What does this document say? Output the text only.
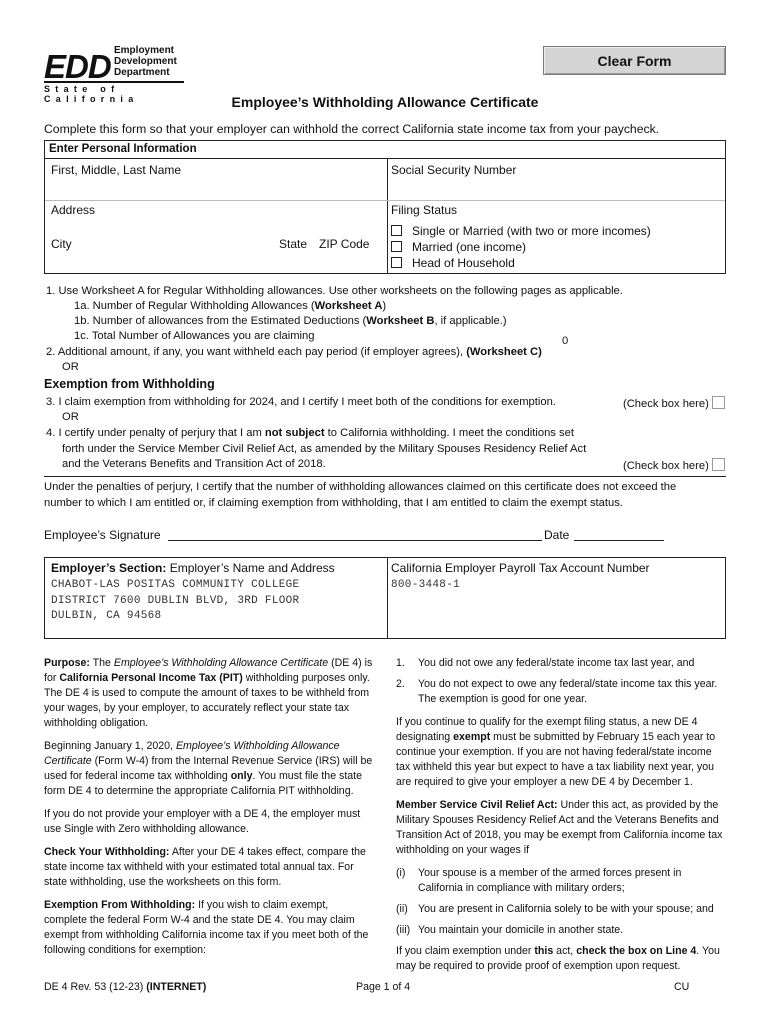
EDD Employment
Development
Department
State of California
Clear Form
Employee’s Withholding Allowance Certificate
Complete this form so that your employer can withhold the correct California state income tax from your paycheck.
Enter Personal Information
First, Middle, Last Name	Social Security Number
Address	Filing Status
City	State ZIP Code
Single or Married (with two or more incomes)
Married (one income)
Head of Household
1. Use Worksheet A for Regular Withholding allowances. Use other worksheets on the following pages as applicable.
1a. Number of Regular Withholding Allowances (Worksheet A)
1b. Number of allowances from the Estimated Deductions (Worksheet B, if applicable.)
1c. Total Number of Allowances you are claiming	0
2. Additional amount, if any, you want withheld each pay period (if employer agrees), (Worksheet C)
OR
Exemption from Withholding
3. I claim exemption from withholding for 2024, and I certify I meet both of the conditions for exemption.	(Check box here)
OR
4. I certify under penalty of perjury that I am not subject to California withholding. I meet the conditions set
forth under the Service Member Civil Relief Act, as amended by the Military Spouses Residency Relief Act
and the Veterans Benefits and Transition Act of 2018.	(Check box here)
Under the penalties of perjury, I certify that the number of withholding allowances claimed on this certificate does not exceed the
number to which I am entitled or, if claiming exemption from withholding, that I am entitled to claim the exempt status.
Employee’s Signature	Date
Employer’s Section: Employer’s Name and Address
CHABOT-LAS POSITAS COMMUNITY COLLEGE
DISTRICT 7600 DUBLIN BLVD, 3RD FLOOR
DULBIN, CA 94568
California Employer Payroll Tax Account Number
800-3448-1

Purpose: The Employee’s Withholding Allowance Certificate (DE 4) is for California Personal Income Tax (PIT) withholding purposes only. The DE 4 is used to compute the amount of taxes to be withheld from your wages, by your employer, to accurately reflect your state tax withholding obligation.

Beginning January 1, 2020, Employee’s Withholding Allowance Certificate (Form W-4) from the Internal Revenue Service (IRS) will be used for federal income tax withholding only. You must file the state form DE 4 to determine the appropriate California PIT withholding.

If you do not provide your employer with a DE 4, the employer must use Single with Zero withholding allowance.

Check Your Withholding: After your DE 4 takes effect, compare the state income tax withheld with your estimated total annual tax. For state withholding, use the worksheets on this form.

Exemption From Withholding: If you wish to claim exempt, complete the federal Form W-4 and the state DE 4. You may claim exempt from withholding California income tax if you meet both of the following conditions for exemption:

1. You did not owe any federal/state income tax last year, and
2. You do not expect to owe any federal/state income tax this year. The exemption is good for one year.

If you continue to qualify for the exempt filing status, a new DE 4 designating exempt must be submitted by February 15 each year to continue your exemption. If you are not having federal/state income tax withheld this year but expect to have a tax liability next year, you are required to give your employer a new DE 4 by December 1.

Member Service Civil Relief Act: Under this act, as provided by the Military Spouses Residency Relief Act and the Veterans Benefits and Transition Act of 2018, you may be exempt from California income tax withholding on your wages if

(i) Your spouse is a member of the armed forces present in California in compliance with military orders;
(ii) You are present in California solely to be with your spouse; and
(iii) You maintain your domicile in another state.

If you claim exemption under this act, check the box on Line 4. You may be required to provide proof of exemption upon request.

DE 4 Rev. 53 (12-23) (INTERNET)	Page 1 of 4	CU
